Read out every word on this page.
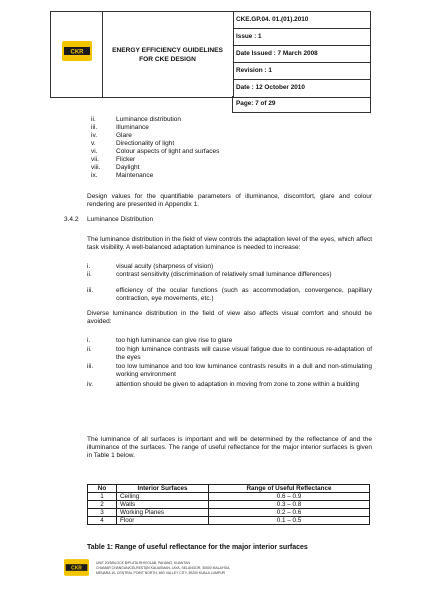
CKR	ENERGY EFFICIENCY GUIDELINES
FOR CKE DESIGN
CKE.GP.04. 01.(01).2010
Issue : 1
Date Issued : 7 March 2008
Revision : 1
Date : 12 October 2010
Page: 7 of 29
ii.	Luminance distribution
iii.	Illuminance
iv.	Glare
v.	Directionality of light
vi.	Colour aspects of light and surfaces
vii.	Flicker
viii. Daylight
ix.	Maintenance
Design values for the quantifiable parameters of illuminance, discomfort, glare and colour rendering are presented in Appendix 1.
3.4.2 Luminance Distribution
The luminance distribution in the field of view controls the adaptation level of the eyes, which affect task visibility. A well-balanced adaptation luminance is needed to increase:
i.	visual acuity (sharpness of vision)
ii.	contrast sensitivity (discrimination of relatively small luminance differences)
iii.	efficiency of the ocular functions (such as accommodation, convergence, papillary contraction, eye movements, etc.)
Diverse luminance distribution in the field of view also affects visual comfort and should be avoided:
i.	too high luminance can give rise to glare
ii.	too high luminance contrasts will cause visual fatigue due to continuous re-adaptation of the eyes
iii.	too low luminance and too low luminance contrasts results in a dull and non-stimulating working environment
iv.	attention should be given to adaptation in moving from zone to zone within a building
The luminance of all surfaces is important and will be determined by the reflectance of and the illuminance of the surfaces. The range of useful reflectance for the major interior surfaces is given in Table 1 below.
No	Interior Surfaces	Range of Useful Reflectance
1	Ceiling	0.6 – 0.9
2	Walls	0.3 – 0.8
3	Working Planes	0.2 – 0.6
4	Floor	0.1 – 0.5
Table 1: Range of useful reflectance for the major interior surfaces
CKR
UNIT 20/3/BLOCK B/PLATA RHIVOLAB, PAHANG, KUANTAN
CHAMAR CHANGAN/CELRESTAN KAIJASMAN, JAYA, SELANGOR, 30500 MALAYSIA.
MENARA 10, CENTRAL POINT NORTH, MID VALLEY CITY, 59200 KUALA LUMPUR
